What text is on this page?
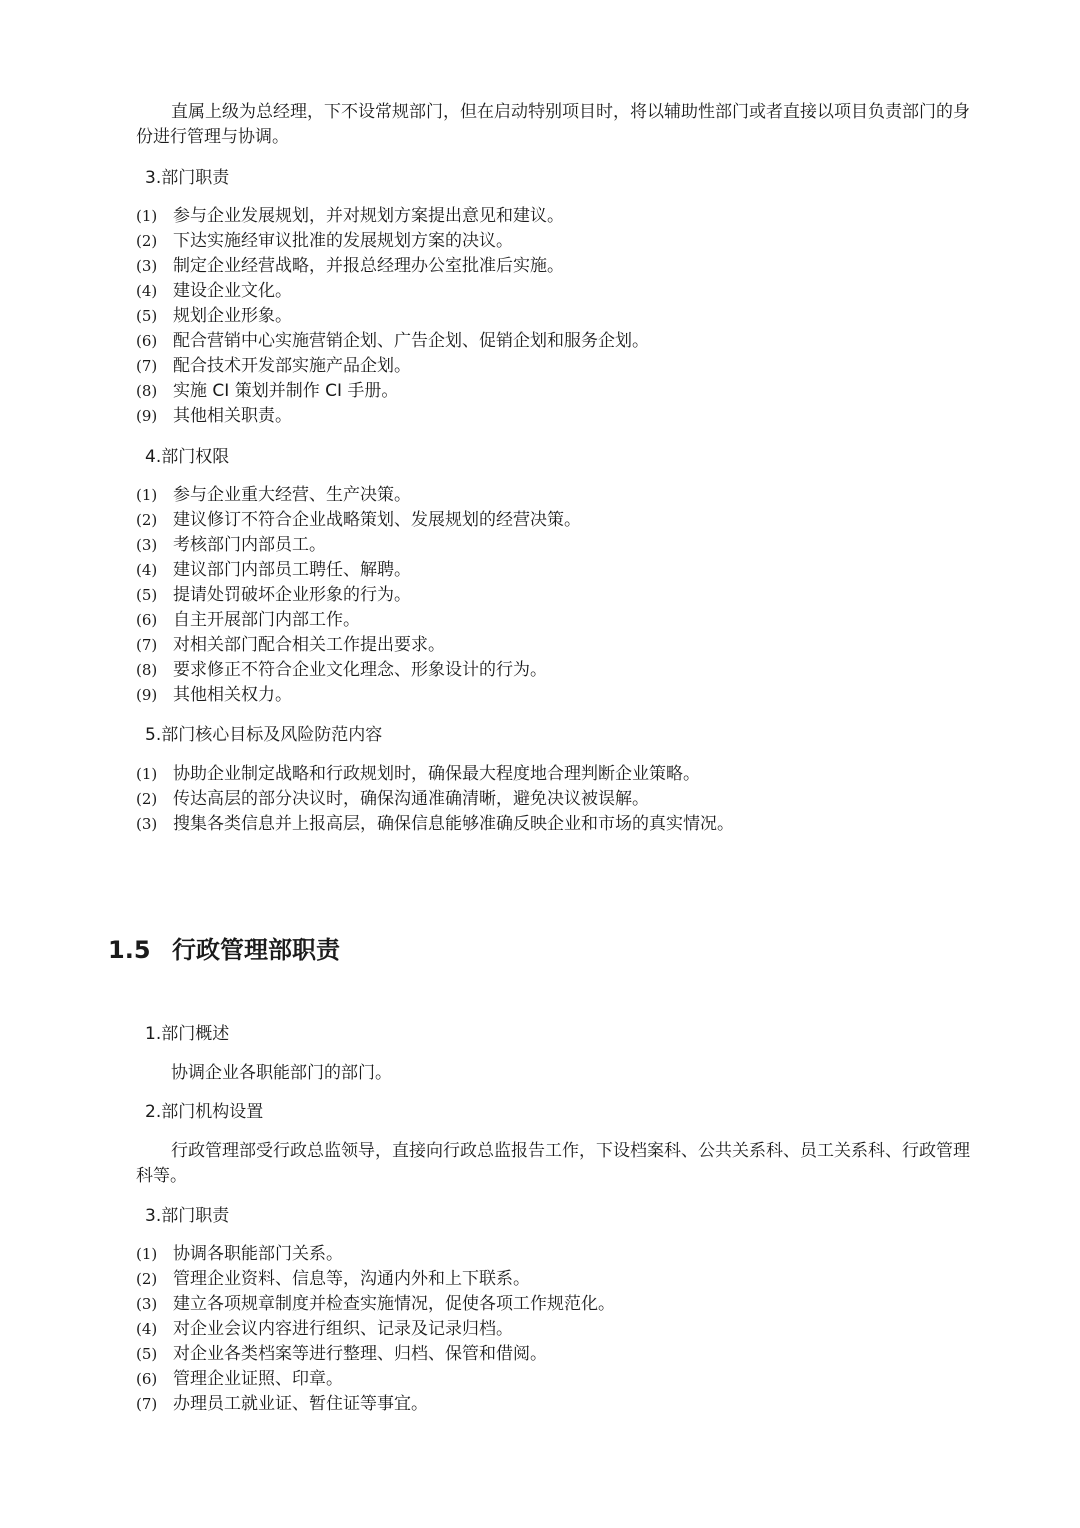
直属上级为总经理，下不设常规部门，但在启动特别项目时，将以辅助性部门或者直接以项目负责部门的身份进行管理与协调。

3.部门职责
(1) 参与企业发展规划，并对规划方案提出意见和建议。
(2) 下达实施经审议批准的发展规划方案的决议。
(3) 制定企业经营战略，并报总经理办公室批准后实施。
(4) 建设企业文化。
(5) 规划企业形象。
(6) 配合营销中心实施营销企划、广告企划、促销企划和服务企划。
(7) 配合技术开发部实施产品企划。
(8) 实施 CI 策划并制作 CI 手册。
(9) 其他相关职责。
4.部门权限
(1) 参与企业重大经营、生产决策。
(2) 建议修订不符合企业战略策划、发展规划的经营决策。
(3) 考核部门内部员工。
(4) 建议部门内部员工聘任、解聘。
(5) 提请处罚破坏企业形象的行为。
(6) 自主开展部门内部工作。
(7) 对相关部门配合相关工作提出要求。
(8) 要求修正不符合企业文化理念、形象设计的行为。
(9) 其他相关权力。
5.部门核心目标及风险防范内容
(1) 协助企业制定战略和行政规划时，确保最大程度地合理判断企业策略。
(2) 传达高层的部分决议时，确保沟通准确清晰，避免决议被误解。
(3) 搜集各类信息并上报高层，确保信息能够准确反映企业和市场的真实情况。
1.5 行政管理部职责
1.部门概述

协调企业各职能部门的部门。

2.部门机构设置

行政管理部受行政总监领导，直接向行政总监报告工作，下设档案科、公共关系科、员工关系科、行政管理科等。

3.部门职责
(1) 协调各职能部门关系。
(2) 管理企业资料、信息等，沟通内外和上下联系。
(3) 建立各项规章制度并检查实施情况，促使各项工作规范化。
(4) 对企业会议内容进行组织、记录及记录归档。
(5) 对企业各类档案等进行整理、归档、保管和借阅。
(6) 管理企业证照、印章。
(7) 办理员工就业证、暂住证等事宜。
